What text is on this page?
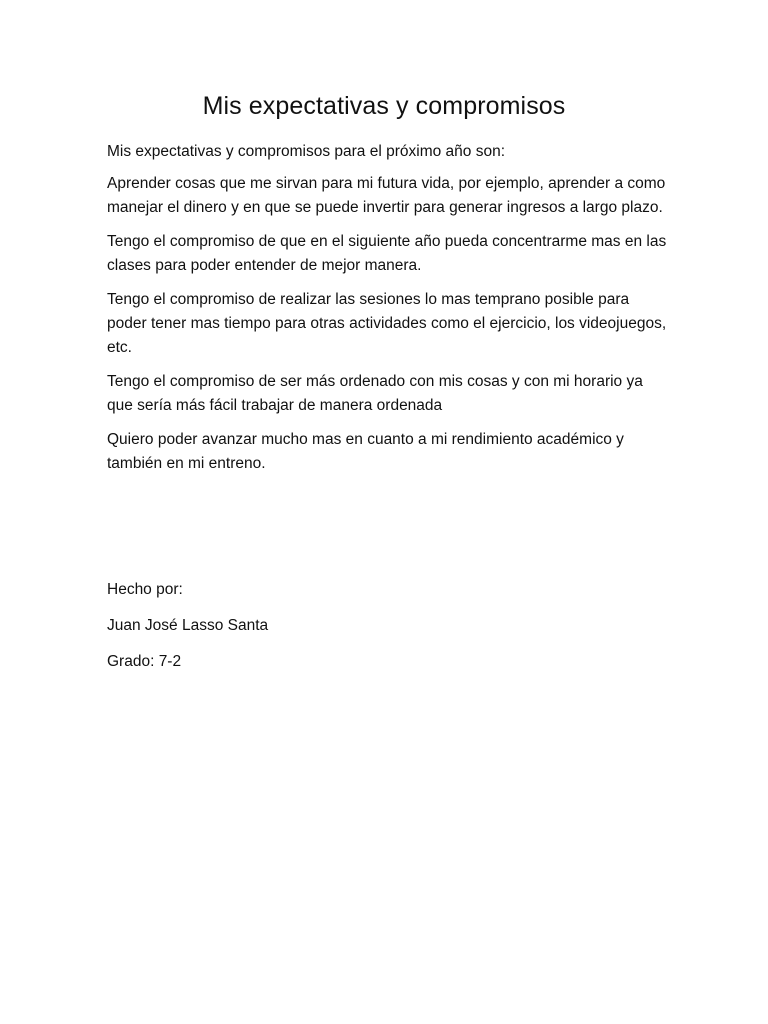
Mis expectativas y compromisos

Mis expectativas y compromisos para el próximo año son:

Aprender cosas que me sirvan para mi futura vida, por ejemplo, aprender a como manejar el dinero y en que se puede invertir para generar ingresos a largo plazo.

Tengo el compromiso de que en el siguiente año pueda concentrarme mas en las clases para poder entender de mejor manera.

Tengo el compromiso de realizar las sesiones lo mas temprano posible para poder tener mas tiempo para otras actividades como el ejercicio, los videojuegos, etc.

Tengo el compromiso de ser más ordenado con mis cosas y con mi horario ya que sería más fácil trabajar de manera ordenada

Quiero poder avanzar mucho mas en cuanto a mi rendimiento académico y también en mi entreno.

Hecho por:

Juan José Lasso Santa

Grado: 7-2
